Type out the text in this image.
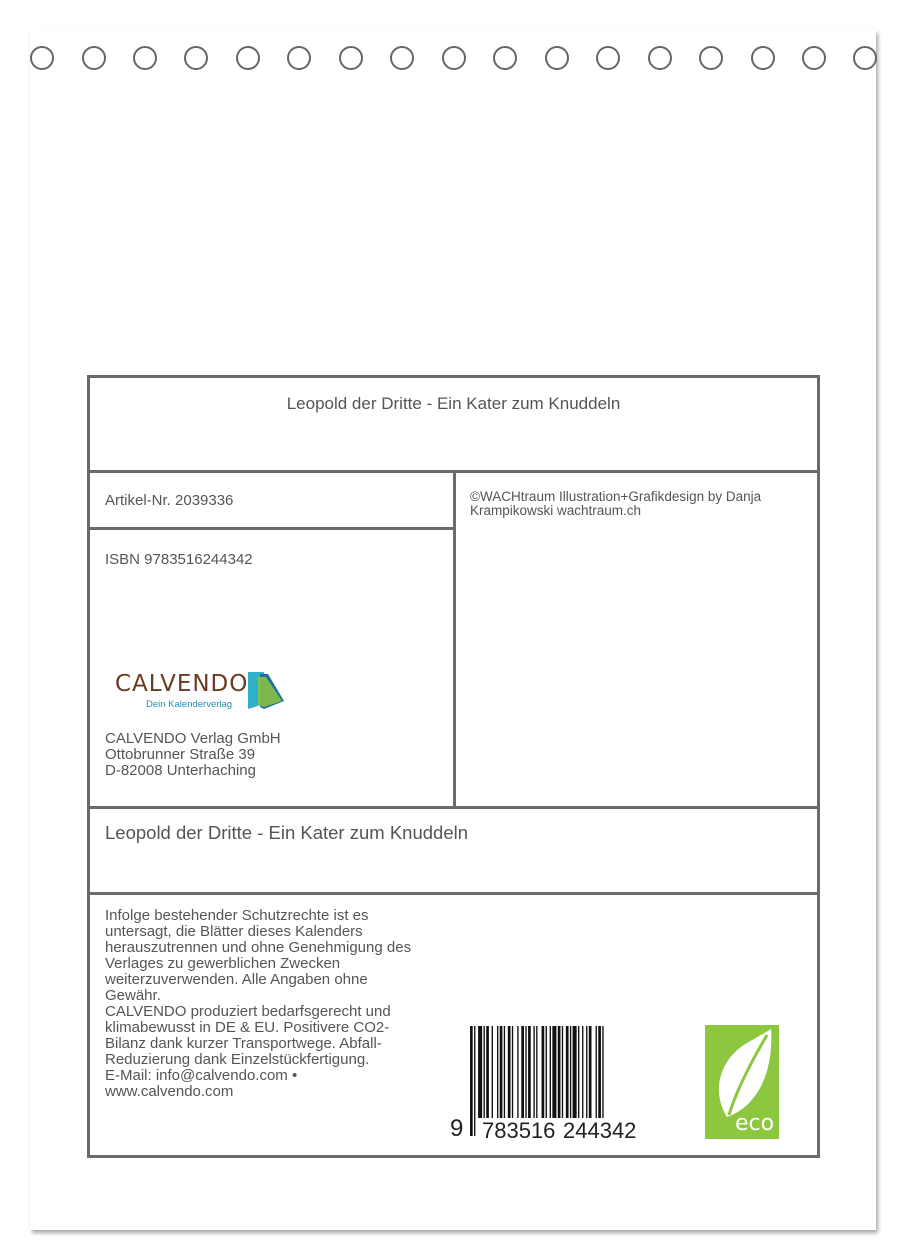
Leopold der Dritte - Ein Kater zum Knuddeln
Artikel-Nr. 2039336	©WACHtraum Illustration+Grafikdesign by Danja Krampikowski wachtraum.ch
ISBN 9783516244342
CALVENDO
Dein Kalenderverlag
CALVENDO Verlag GmbH
Ottobrunner Straße 39
D-82008 Unterhaching
Leopold der Dritte - Ein Kater zum Knuddeln
Infolge bestehender Schutzrechte ist es
untersagt, die Blätter dieses Kalenders
herauszutrennen und ohne Genehmigung des
Verlages zu gewerblichen Zwecken
weiterzuverwenden. Alle Angaben ohne
Gewähr.
CALVENDO produziert bedarfsgerecht und
klimabewusst in DE & EU. Positivere CO2-
Bilanz dank kurzer Transportwege. Abfall-
Reduzierung dank Einzelstückfertigung.
E-Mail: info@calvendo.com •
www.calvendo.com
9 783516 244342	eco
